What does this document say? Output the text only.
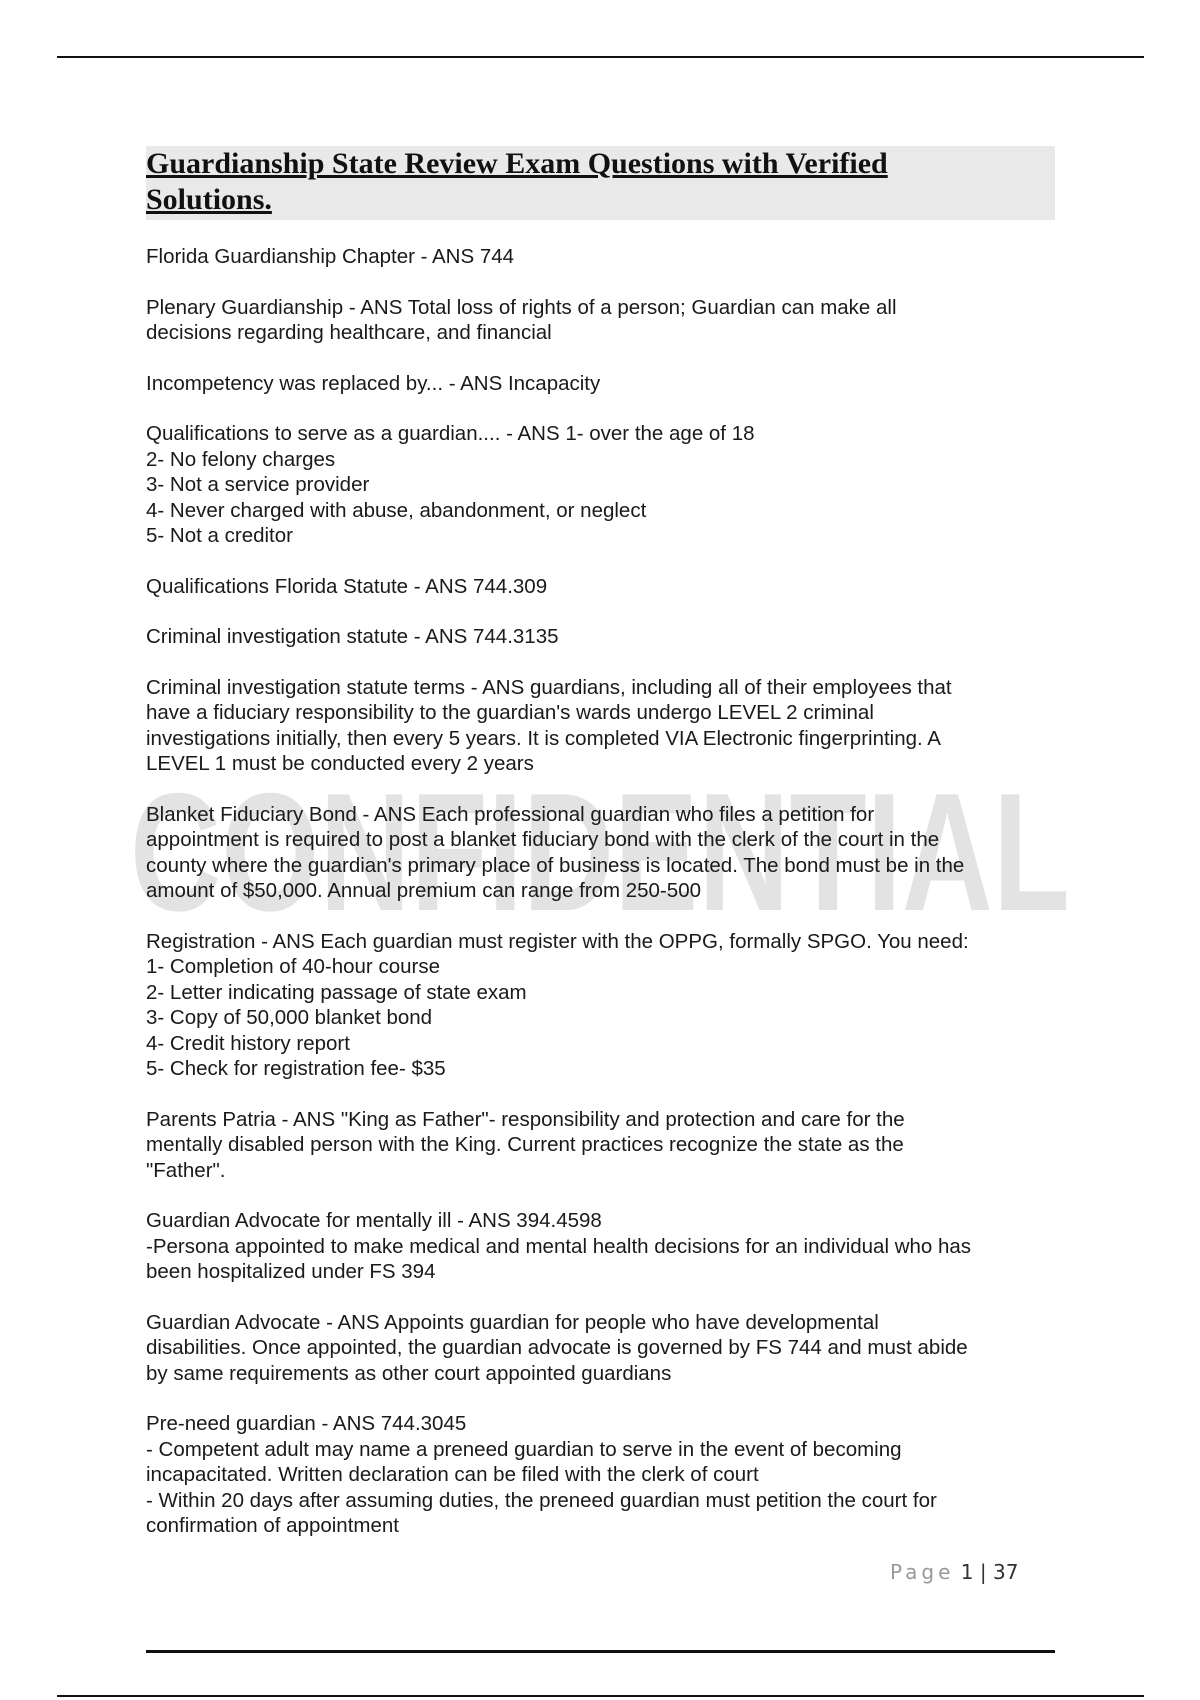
CONFIDENTIAL
Guardianship State Review Exam Questions with Verified
Solutions.
Florida Guardianship Chapter - ANS 744
Plenary Guardianship - ANS Total loss of rights of a person; Guardian can make all
decisions regarding healthcare, and financial
Incompetency was replaced by... - ANS Incapacity
Qualifications to serve as a guardian.... - ANS 1- over the age of 18
2- No felony charges
3- Not a service provider
4- Never charged with abuse, abandonment, or neglect
5- Not a creditor
Qualifications Florida Statute - ANS 744.309
Criminal investigation statute - ANS 744.3135
Criminal investigation statute terms - ANS guardians, including all of their employees that
have a fiduciary responsibility to the guardian's wards undergo LEVEL 2 criminal
investigations initially, then every 5 years. It is completed VIA Electronic fingerprinting. A
LEVEL 1 must be conducted every 2 years
Blanket Fiduciary Bond - ANS Each professional guardian who files a petition for
appointment is required to post a blanket fiduciary bond with the clerk of the court in the
county where the guardian's primary place of business is located. The bond must be in the
amount of $50,000. Annual premium can range from 250-500
Registration - ANS Each guardian must register with the OPPG, formally SPGO. You need:
1- Completion of 40-hour course
2- Letter indicating passage of state exam
3- Copy of 50,000 blanket bond
4- Credit history report
5- Check for registration fee- $35
Parents Patria - ANS "King as Father"- responsibility and protection and care for the
mentally disabled person with the King. Current practices recognize the state as the
"Father".
Guardian Advocate for mentally ill - ANS 394.4598
-Persona appointed to make medical and mental health decisions for an individual who has
been hospitalized under FS 394
Guardian Advocate - ANS Appoints guardian for people who have developmental
disabilities. Once appointed, the guardian advocate is governed by FS 744 and must abide
by same requirements as other court appointed guardians
Pre-need guardian - ANS 744.3045
- Competent adult may name a preneed guardian to serve in the event of becoming
incapacitated. Written declaration can be filed with the clerk of court
- Within 20 days after assuming duties, the preneed guardian must petition the court for
confirmation of appointment
Page 1 | 37
